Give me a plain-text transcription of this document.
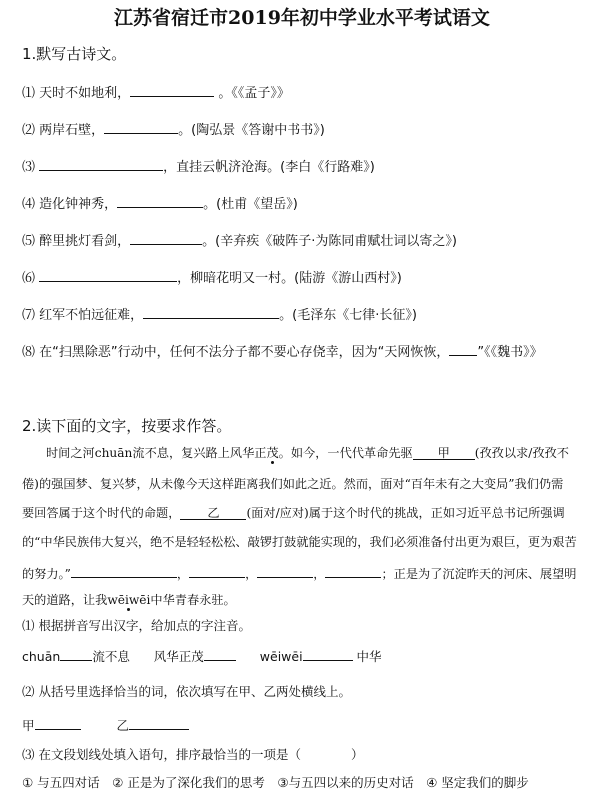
江苏省宿迁市2019年初中学业水平考试语文
1.默写古诗文。
⑴ 天时不如地利，	。《《孟子》》
⑵ 两岸石壁，	。(陶弘景《答谢中书书》)
⑶	，直挂云帆济沧海。(李白《行路难》)
⑷ 造化钟神秀，	。(杜甫《望岳》)
⑸ 醉里挑灯看剑，	。(辛弃疾《破阵子·为陈同甫赋壮词以寄之》)
⑹	，柳暗花明又一村。(陆游《游山西村》)
⑺ 红军不怕远征难，	。(毛泽东《七律·长征》)
⑻ 在“扫黑除恶”行动中，任何不法分子都不要心存侥幸，因为“天网恢恢， ”《《魏书》》
2.读下面的文字，按要求作答。
时间之河chuān流不息，复兴路上风华正茂。如今，一代代革命先驱 甲 (孜孜以求/孜孜不
倦)的强国梦、复兴梦，从未像今天这样距离我们如此之近。然而，面对“百年未有之大变局”我们仍需
要回答属于这个时代的命题， 乙 (面对/应对)属于这个时代的挑战，正如习近平总书记所强调
的“中华民族伟大复兴，绝不是轻轻松松、敲锣打鼓就能实现的，我们必须准备付出更为艰巨，更为艰苦
的努力。”	，	，	，	；正是为了沉淀昨天的河床、展望明
天的道路，让我wēiwēi中华青春永驻。
⑴ 根据拼音写出汉字，给加点的字注音。
chuān	流不息 风华正茂	wēiwēi	中华
⑵ 从括号里选择恰当的词，依次填写在甲、乙两处横线上。
甲	乙
⑶ 在文段划线处填入语句，排序最恰当的一项是（　　　　）
① 与五四对话　② 正是为了深化我们的思考　③与五四以来的历史对话　④ 坚定我们的脚步
